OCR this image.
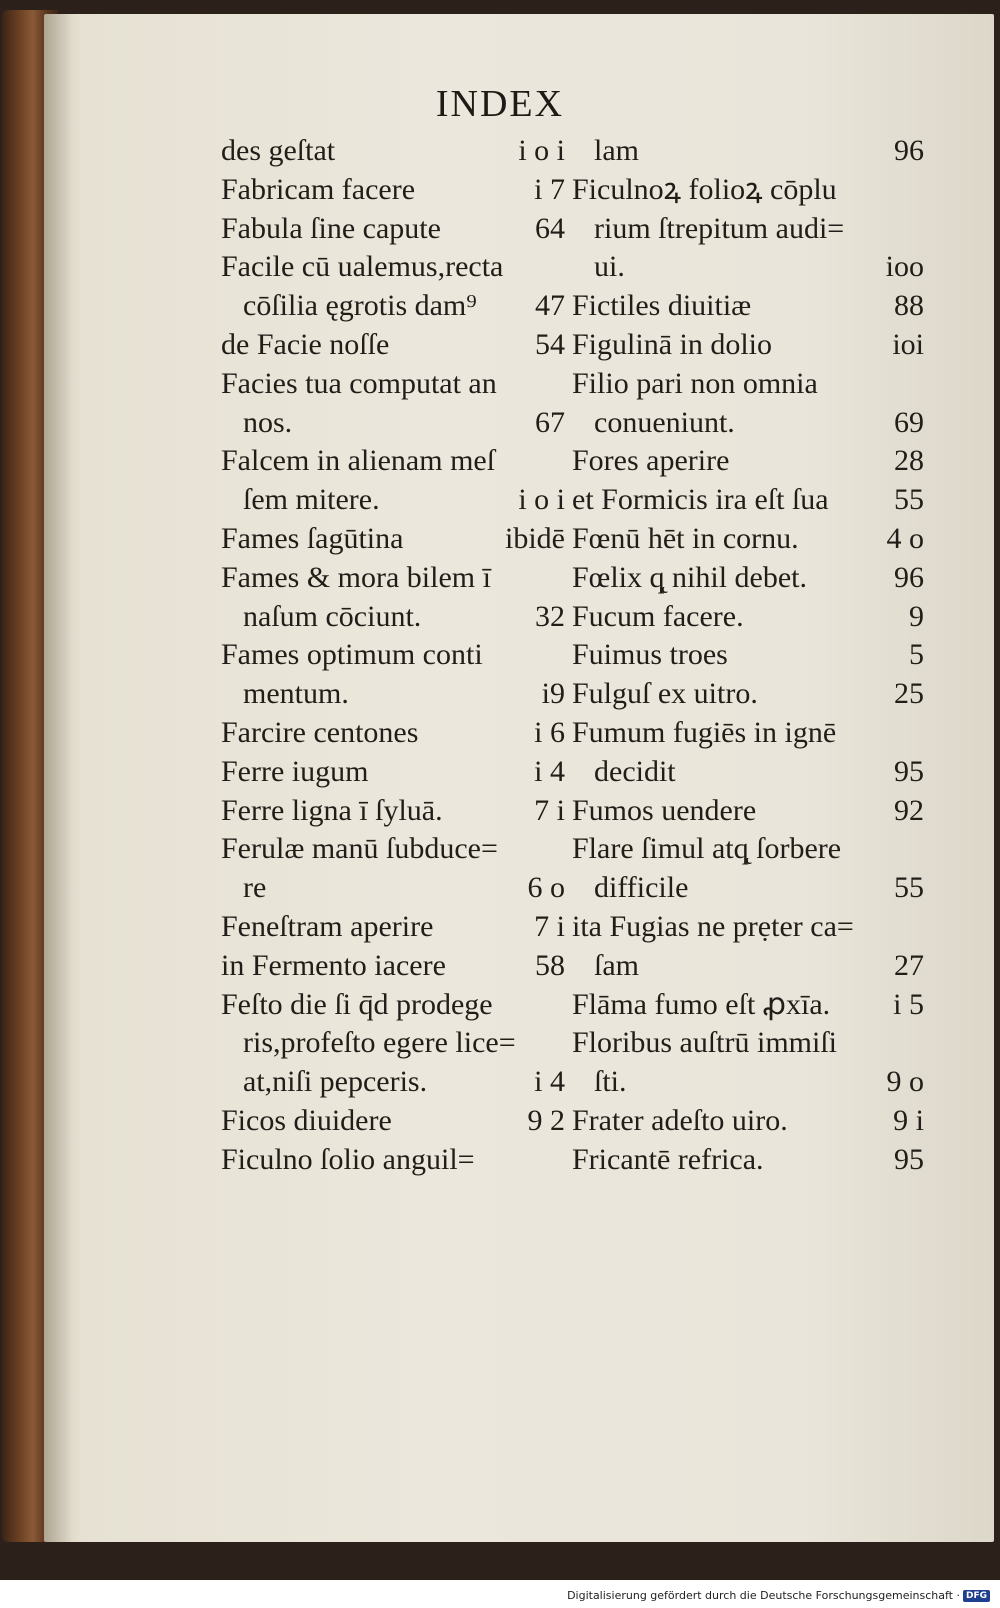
INDEX
des geſtat	i o i
Fabricam facere	i 7
Fabula ſine capute	64
Facile cū ualemus,recta
cōſilia ęgrotis dam⁹ 47
de Facie noſſe	54
Facies tua computat an
nos.	67
Falcem in alienam meſ
ſem mitere.	i o i
Fames ſagūtina	ibidē
Fames & mora bilem ī
naſum cōciunt.	32
Fames optimum conti
mentum.	i9
Farcire centones	i 6
Ferre iugum	i 4
Ferre ligna ī ſyluā.	7 i
Ferulæ manū ſubduce=
re	6 o
Feneſtram aperire	7 i
in Fermento iacere	58
Feſto die ſi q̄d prodege
ris,profeſto egere lice=
at,niſi pepceris.	i 4
Ficos diuidere	9 2
Ficulno ſolio anguil=
lam	96
Ficulnoꝝ folioꝝ cōplu
rium ſtrepitum audi=
ui.	ioo
Fictiles diuitiæ	88
Figulinā in dolio	ioi
Filio pari non omnia
conueniunt.	69
Fores aperire	28
et Formicis ira eſt ſua 55
Fœnū hēt in cornu.	4 o
Fœlix q̨ nihil debet.	96
Fucum facere.	9
Fuimus troes	5
Fulguſ ex uitro.	25
Fumum fugiēs in ignē
decidit	95
Fumos uendere	92
Flare ſimul atq̨ ſorbere
difficile	55
ita Fugias ne prẹter ca=
ſam	27
Flāma fumo eſt ꝓxīa. i 5
Floribus auſtrū immiſi
ſti.	9 o
Frater adeſto uiro.	9 i
Fricantē refrica.	95
Digitalisierung gefördert durch die Deutsche Forschungsgemeinschaft · DFG
